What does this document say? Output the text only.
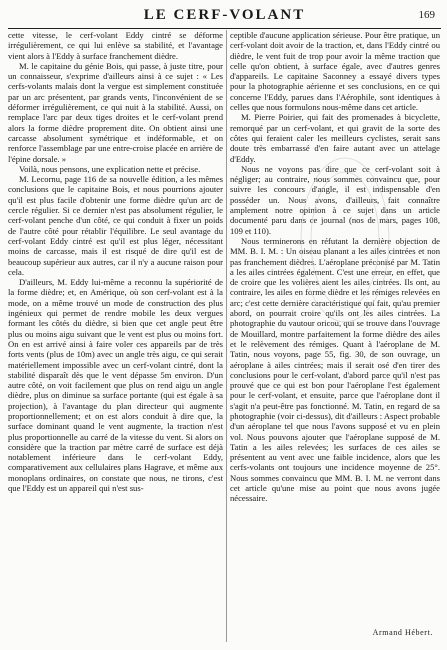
LE CERF-VOLANT	169

cette vitesse, le cerf-volant Eddy cintré se déforme irrégulièrement, ce qui lui enlève sa stabilité, et l'avantage vient alors à l'Eddy à surface franchement dièdre.

M. le capitaine du génie Bois, qui passe, à juste titre, pour un connaisseur, s'exprime d'ailleurs ainsi à ce sujet : « Les cerfs-volants malais dont la vergue est simplement constituée par un arc présentent, par grands vents, l'inconvénient de se déformer irrégulièrement, ce qui nuit à la stabilité. Aussi, on remplace l'arc par deux tiges droites et le cerf-volant prend alors la forme dièdre proprement dite. On obtient ainsi une carcasse absolument symétrique et indéformable, et on renforce l'assemblage par une entre-croise placée en arrière de l'épine dorsale. »

Voilà, nous pensons, une explication nette et précise.

M. Lecornu, page 116 de sa nouvelle édition, a les mêmes conclusions que le capitaine Bois, et nous pourrions ajouter qu'il est plus facile d'obtenir une forme dièdre qu'un arc de cercle régulier. Si ce dernier n'est pas absolument régulier, le cerf-volant penche d'un côté, ce qui conduit à fixer un poids de l'autre côté pour rétablir l'équilibre. Le seul avantage du cerf-volant Eddy cintré est qu'il est plus léger, nécessitant moins de carcasse, mais il est risqué de dire qu'il est de beaucoup supérieur aux autres, car il n'y a aucune raison pour cela.

D'ailleurs, M. Eddy lui-même a reconnu la supériorité de la forme dièdre; et, en Amérique, où son cerf-volant est à la mode, on a même trouvé un mode de construction des plus ingénieux qui permet de rendre mobile les deux vergues formant les côtés du dièdre, si bien que cet angle peut être plus ou moins aigu suivant que le vent est plus ou moins fort. On en est arrivé ainsi à faire voler ces appareils par de très forts vents (plus de 10m) avec un angle très aigu, ce qui serait matériellement impossible avec un cerf-volant cintré, dont la stabilité disparaît dès que le vent dépasse 5m environ. D'un autre côté, on voit facilement que plus on rend aigu un angle dièdre, plus on diminue sa surface portante (qui est égale à sa projection), à l'avantage du plan directeur qui augmente proportionnellement; et on est alors conduit à dire que, la surface dominant quand le vent augmente, la traction n'est plus proportionnelle au carré de la vitesse du vent. Si alors on considère que la traction par mètre carré de surface est déjà notablement inférieure dans le cerf-volant Eddy, comparativement aux cellulaires plans Hagrave, et même aux monoplans ordinaires, on constate que nous, ne tirons, c'est que l'Eddy est un appareil qui n'est sus-

ceptible d'aucune application sérieuse. Pour être pratique, un cerf-volant doit avoir de la traction, et, dans l'Eddy cintré ou dièdre, le vent fuit de trop pour avoir la même traction que celle qu'on obtient, à surface égale, avec d'autres genres d'appareils. Le capitaine Saconney a essayé divers types pour la photographie aérienne et ses conclusions, en ce qui concerne l'Eddy, parues dans l'Aérophile, sont identiques à celles que nous formulons nous-même dans cet article.

M. Pierre Poirier, qui fait des promenades à bicyclette, remorqué par un cerf-volant, et qui gravit de la sorte des côtes qui feraient caler les meilleurs cyclistes, serait sans doute très embarrassé d'en faire autant avec un attelage d'Eddy.

Nous ne voyons pas dire que ce cerf-volant soit à négliger; au contraire, nous sommes convaincu que, pour suivre les concours d'angle, il est indispensable d'en posséder un. Nous avons, d'ailleurs, fait connaître amplement notre opinion à ce sujet dans un article documenté paru dans ce journal (nos de mars, pages 108, 109 et 110).

Nous terminerons en réfutant la dernière objection de MM. B. I. M. : Un oiseau planant a les ailes cintrées et non pas franchement dièdres. L'aéroplane préconisé par M. Tatin a les ailes cintrées également. C'est une erreur, en effet, que de croire que les volières aient les ailes cintrées. Ils ont, au contraire, les ailes en forme dièdre et les rémiges relevées en arc; c'est cette dernière caractéristique qui fait, qu'au premier abord, on pourrait croire qu'ils ont les ailes cintrées. La photographie du vautour oricou, qui se trouve dans l'ouvrage de Mouillard, montre parfaitement la forme dièdre des ailes et le relèvement des rémiges. Quant à l'aéroplane de M. Tatin, nous voyons, page 55, fig. 30, de son ouvrage, un aéroplane à ailes cintrées; mais il serait osé d'en tirer des conclusions pour le cerf-volant, d'abord parce qu'il n'est pas prouvé que ce qui est bon pour l'aéroplane l'est également pour le cerf-volant, et ensuite, parce que l'aéroplane dont il s'agit n'a peut-être pas fonctionné. M. Tatin, en regard de sa photographie (voir ci-dessus), dit d'ailleurs : Aspect probable d'un aéroplane tel que nous l'avons supposé et vu en plein vol. Nous pouvons ajouter que l'aéroplane supposé de M. Tatin a les ailes relevées; les surfaces de ces ailes se présentent au vent avec une faible incidence, alors que les cerfs-volants ont toujours une incidence moyenne de 25°. Nous sommes convaincu que MM. B. I. M. ne verront dans cet article qu'une mise au point que nous avons jugée nécessaire.

Armand Hébert.
